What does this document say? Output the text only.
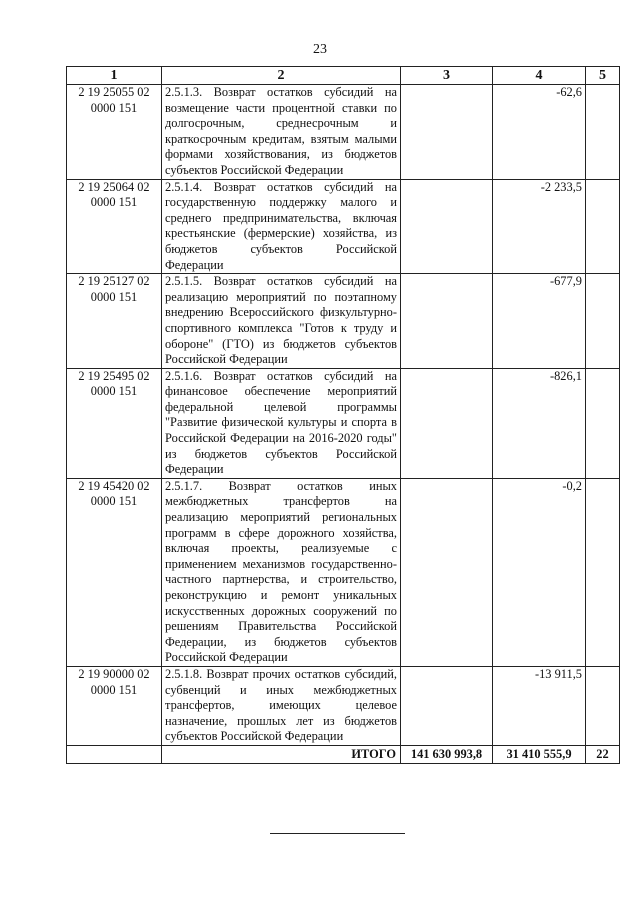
23
1	2	3	4	5
2 19 25055 02 0000 151	2.5.1.3. Возврат остатков субсидий на возмещение части процентной ставки по долгосрочным, среднесрочным и краткосрочным кредитам, взятым малыми формами хозяйствования, из бюджетов субъектов Российской Федерации		-62,6	
2 19 25064 02 0000 151	2.5.1.4. Возврат остатков субсидий на государственную поддержку малого и среднего предпринимательства, включая крестьянские (фермерские) хозяйства, из бюджетов субъектов Российской Федерации		-2 233,5	
2 19 25127 02 0000 151	2.5.1.5. Возврат остатков субсидий на реализацию мероприятий по поэтапному внедрению Всероссийского физкультурно-спортивного комплекса "Готов к труду и обороне" (ГТО) из бюджетов субъектов Российской Федерации		-677,9	
2 19 25495 02 0000 151	2.5.1.6. Возврат остатков субсидий на финансовое обеспечение мероприятий федеральной целевой программы "Развитие физической культуры и спорта в Российской Федерации на 2016-2020 годы" из бюджетов субъектов Российской Федерации		-826,1	
2 19 45420 02 0000 151	2.5.1.7. Возврат остатков иных межбюджетных трансфертов на реализацию мероприятий региональных программ в сфере дорожного хозяйства, включая проекты, реализуемые с применением механизмов государственно-частного партнерства, и строительство, реконструкцию и ремонт уникальных искусственных дорожных сооружений по решениям Правительства Российской Федерации, из бюджетов субъектов Российской Федерации		-0,2	
2 19 90000 02 0000 151	2.5.1.8. Возврат прочих остатков субсидий, субвенций и иных межбюджетных трансфертов, имеющих целевое назначение, прошлых лет из бюджетов субъектов Российской Федерации		-13 911,5	
	ИТОГО	141 630 993,8	31 410 555,9	22
